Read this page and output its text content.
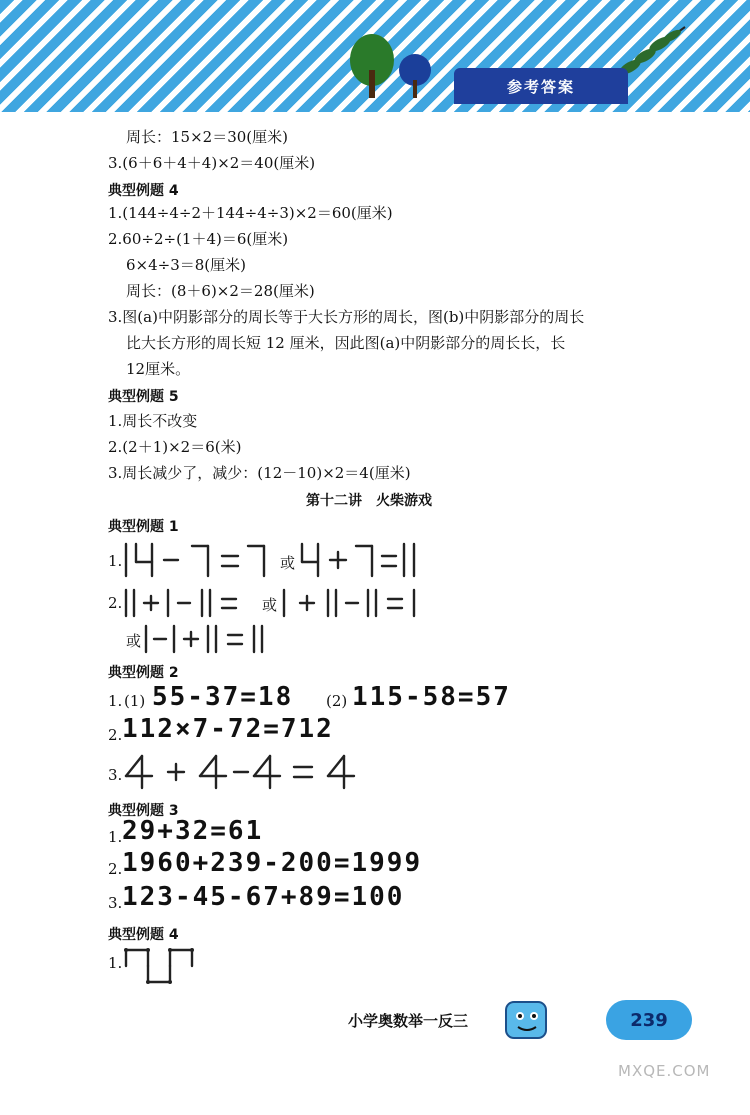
参考答案
周长：15×2＝30(厘米)
3.(6＋6＋4＋4)×2＝40(厘米)
典型例题 4
1.(144÷4÷2＋144÷4÷3)×2＝60(厘米)
2.60÷2÷(1＋4)＝6(厘米)
6×4÷3＝8(厘米)
周长：(8＋6)×2＝28(厘米)
3.图(a)中阴影部分的周长等于大长方形的周长，图(b)中阴影部分的周长
比大长方形的周长短 12 厘米，因此图(a)中阴影部分的周长长，长
12厘米。
典型例题 5
1.周长不改变
2.(2＋1)×2＝6(米)
3.周长减少了，减少：(12－10)×2＝4(厘米)
第十二讲　火柴游戏
典型例题 1
1.	或
2.	或
或
典型例题 2
1. (1) 55-37=18 (2) 115-58=57
2. 112×7-72=712
3.
典型例题 3
1. 29+32=61
2. 1960+239-200=1999
3. 123-45-67+89=100
典型例题 4
1.
小学奥数举一反三	239
MXQE.COM
